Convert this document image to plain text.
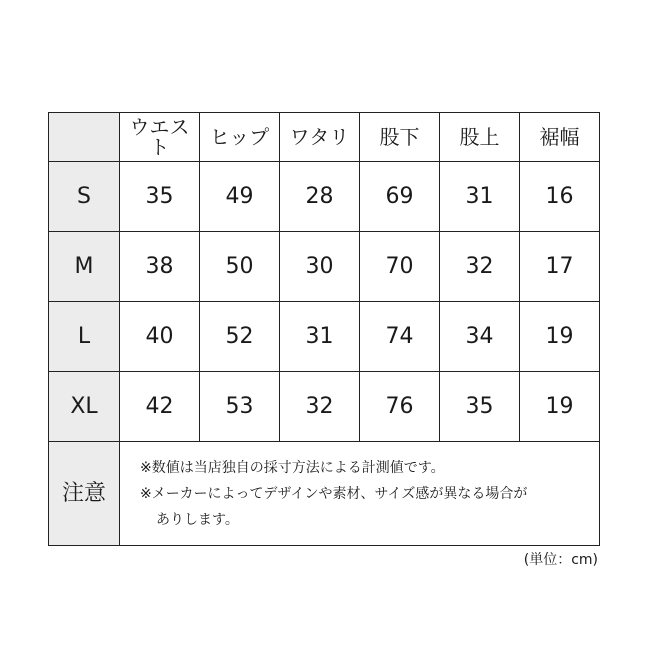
	ウエスト	ヒップ	ワタリ	股下	股上	裾幅
S	35	49	28	69	31	16
M	38	50	30	70	32	17
L	40	52	31	74	34	19
XL	42	53	32	76	35	19
注意	※数値は当店独自の採寸方法による計測値です。
※メーカーによってデザインや素材、サイズ感が異なる場合が
ありします。					
(単位：cm)
